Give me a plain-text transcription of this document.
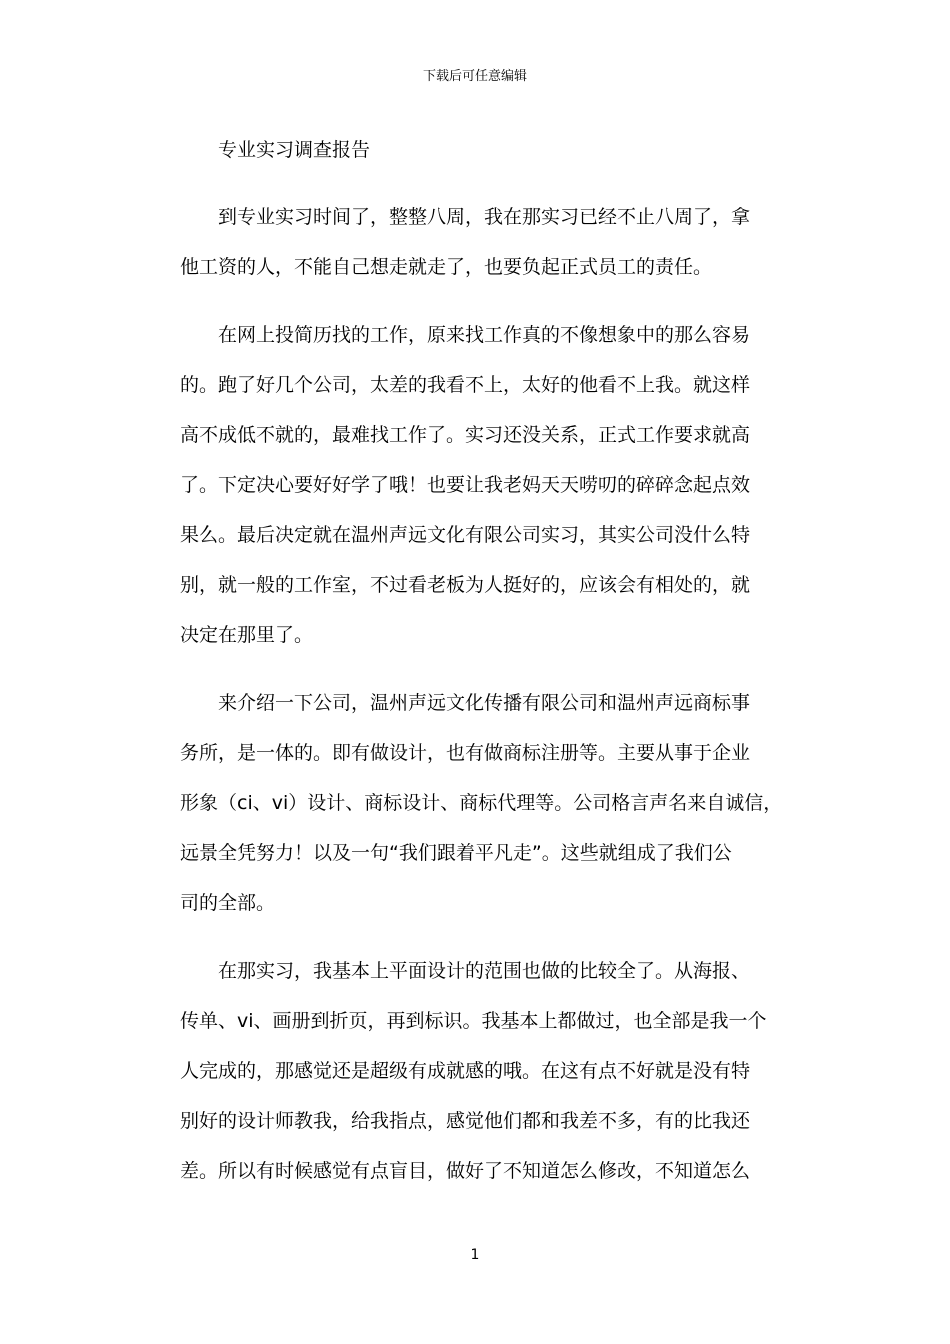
下载后可任意编辑
专业实习调查报告
到专业实习时间了，整整八周，我在那实习已经不止八周了，拿
他工资的人，不能自己想走就走了，也要负起正式员工的责任。
在网上投简历找的工作，原来找工作真的不像想象中的那么容易
的。跑了好几个公司，太差的我看不上，太好的他看不上我。就这样
高不成低不就的，最难找工作了。实习还没关系，正式工作要求就高
了。下定决心要好好学了哦！也要让我老妈天天唠叨的碎碎念起点效
果么。最后决定就在温州声远文化有限公司实习，其实公司没什么特
别，就一般的工作室，不过看老板为人挺好的，应该会有相处的，就
决定在那里了。
来介绍一下公司，温州声远文化传播有限公司和温州声远商标事
务所，是一体的。即有做设计，也有做商标注册等。主要从事于企业
形象（ci、vi）设计、商标设计、商标代理等。公司格言声名来自诚信，
远景全凭努力！以及一句“我们跟着平凡走”。这些就组成了我们公
司的全部。
在那实习，我基本上平面设计的范围也做的比较全了。从海报、
传单、vi、画册到折页，再到标识。我基本上都做过，也全部是我一个
人完成的，那感觉还是超级有成就感的哦。在这有点不好就是没有特
别好的设计师教我，给我指点，感觉他们都和我差不多，有的比我还
差。所以有时候感觉有点盲目，做好了不知道怎么修改，不知道怎么
1
